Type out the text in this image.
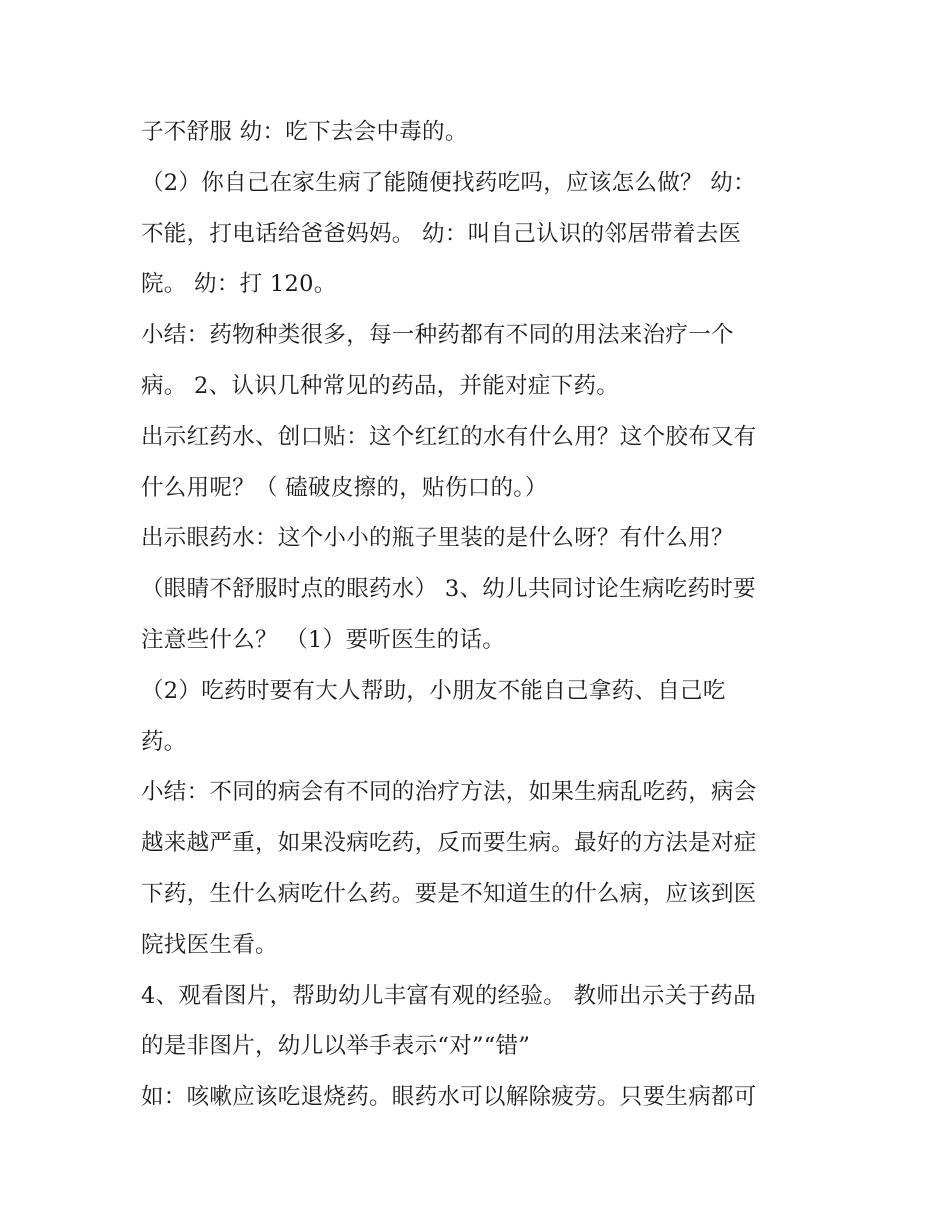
子不舒服 幼：吃下去会中毒的。
（2）你自己在家生病了能随便找药吃吗，应该怎么做？ 幼：
不能，打电话给爸爸妈妈。 幼：叫自己认识的邻居带着去医
院。 幼：打 120。
小结：药物种类很多，每一种药都有不同的用法来治疗一个
病。 2、认识几种常见的药品，并能对症下药。
出示红药水、创口贴：这个红红的水有什么用？这个胶布又有
什么用呢？（ 磕破皮擦的，贴伤口的。）
出示眼药水：这个小小的瓶子里装的是什么呀？有什么用？
（眼睛不舒服时点的眼药水） 3、幼儿共同讨论生病吃药时要
注意些什么？ （1）要听医生的话。
（2）吃药时要有大人帮助，小朋友不能自己拿药、自己吃
药。
小结：不同的病会有不同的治疗方法，如果生病乱吃药，病会
越来越严重，如果没病吃药，反而要生病。最好的方法是对症
下药，生什么病吃什么药。要是不知道生的什么病，应该到医
院找医生看。
4、观看图片，帮助幼儿丰富有观的经验。 教师出示关于药品
的是非图片，幼儿以举手表示“对”“错”
如：咳嗽应该吃退烧药。眼药水可以解除疲劳。只要生病都可
